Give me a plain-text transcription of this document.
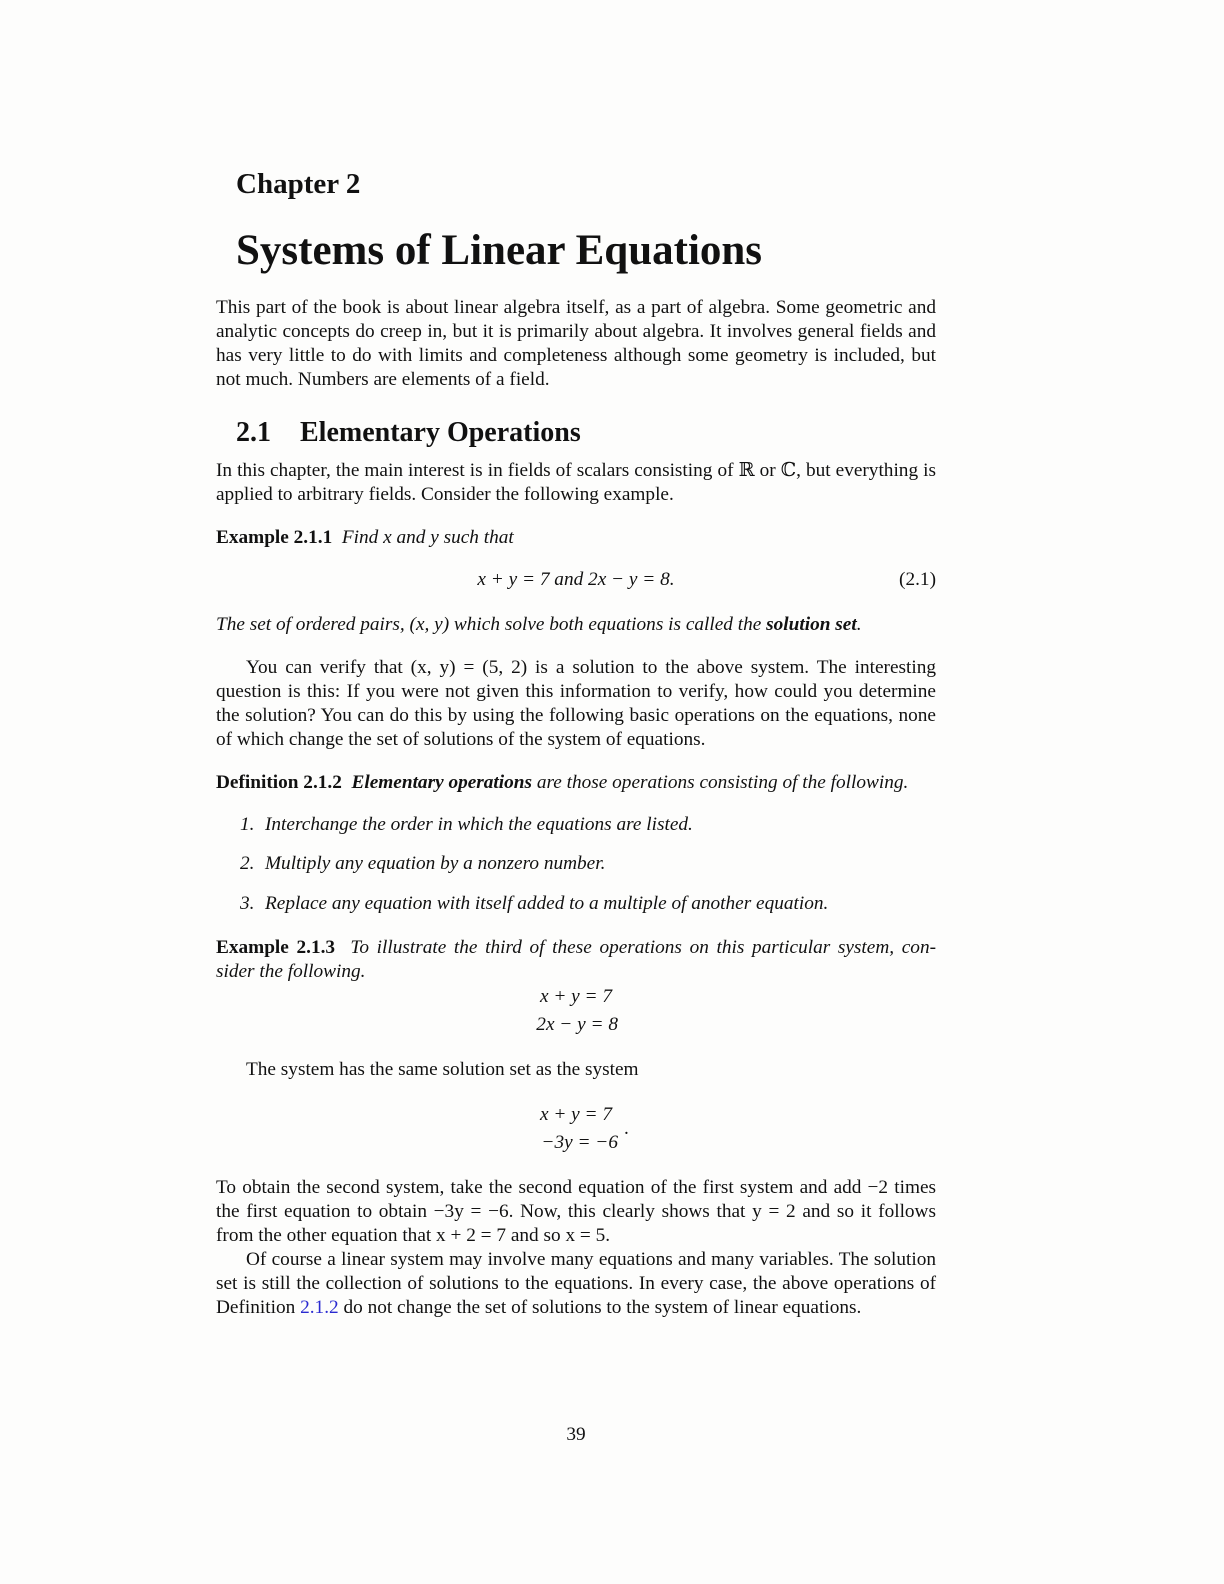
Chapter 2
Systems of Linear Equations
This part of the book is about linear algebra itself, as a part of algebra. Some geometric and analytic concepts do creep in, but it is primarily about algebra. It involves general fields and has very little to do with limits and completeness although some geometry is included, but not much. Numbers are elements of a field.
2.1 Elementary Operations
In this chapter, the main interest is in fields of scalars consisting of ℝ or ℂ, but everything is applied to arbitrary fields. Consider the following example.
Example 2.1.1 Find x and y such that
x + y = 7 and 2x − y = 8.	(2.1)
The set of ordered pairs, (x, y) which solve both equations is called the solution set.
You can verify that (x, y) = (5, 2) is a solution to the above system. The interesting question is this: If you were not given this information to verify, how could you determine the solution? You can do this by using the following basic operations on the equations, none of which change the set of solutions of the system of equations.
Definition 2.1.2 Elementary operations are those operations consisting of the following.
1. Interchange the order in which the equations are listed.
2. Multiply any equation by a nonzero number.
3. Replace any equation with itself added to a multiple of another equation.
Example 2.1.3 To illustrate the third of these operations on this particular system, con-
sider the following.
x + y = 7
2x − y = 8
The system has the same solution set as the system
x + y = 7
−3y = −6
.
To obtain the second system, take the second equation of the first system and add −2 times the first equation to obtain −3y = −6. Now, this clearly shows that y = 2 and so it follows from the other equation that x + 2 = 7 and so x = 5.
Of course a linear system may involve many equations and many variables. The solution set is still the collection of solutions to the equations. In every case, the above operations of Definition 2.1.2 do not change the set of solutions to the system of linear equations.
39
